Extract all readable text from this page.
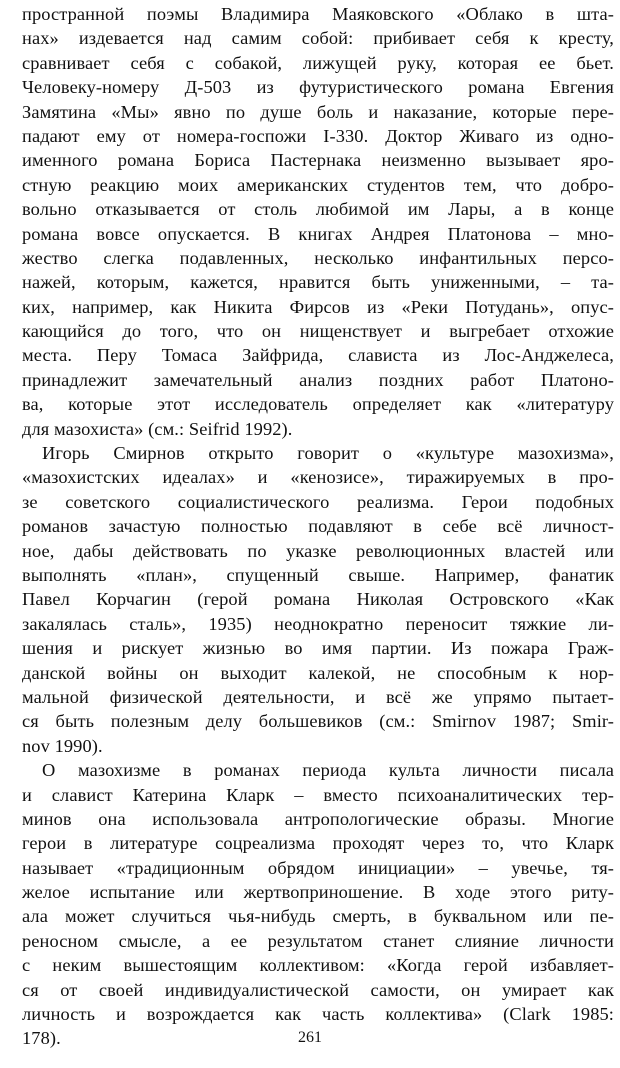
пространной поэмы Владимира Маяковского «Облако в шта-
нах» издевается над самим собой: прибивает себя к кресту,
сравнивает себя с собакой, лижущей руку, которая ее бьет.
Человеку-номеру Д-503 из футуристического романа Евгения
Замятина «Мы» явно по душе боль и наказание, которые пере-
падают ему от номера-госпожи I-330. Доктор Живаго из одно-
именного романа Бориса Пастернака неизменно вызывает яро-
стную реакцию моих американских студентов тем, что добро-
вольно отказывается от столь любимой им Лары, а в конце
романа вовсе опускается. В книгах Андрея Платонова – мно-
жество слегка подавленных, несколько инфантильных персо-
нажей, которым, кажется, нравится быть униженными, – та-
ких, например, как Никита Фирсов из «Реки Потудань», опус-
кающийся до того, что он нищенствует и выгребает отхожие
места. Перу Томаса Зайфрида, слависта из Лос-Анджелеса,
принадлежит замечательный анализ поздних работ Платоно-
ва, которые этот исследователь определяет как «литературу
для мазохиста» (см.: Seifrid 1992).
Игорь Смирнов открыто говорит о «культуре мазохизма»,
«мазохистских идеалах» и «кенозисе», тиражируемых в про-
зе советского социалистического реализма. Герои подобных
романов зачастую полностью подавляют в себе всё личност-
ное, дабы действовать по указке революционных властей или
выполнять «план», спущенный свыше. Например, фанатик
Павел Корчагин (герой романа Николая Островского «Как
закалялась сталь», 1935) неоднократно переносит тяжкие ли-
шения и рискует жизнью во имя партии. Из пожара Граж-
данской войны он выходит калекой, не способным к нор-
мальной физической деятельности, и всё же упрямо пытает-
ся быть полезным делу большевиков (см.: Smirnov 1987; Smir-
nov 1990).
О мазохизме в романах периода культа личности писала
и славист Катерина Кларк – вместо психоаналитических тер-
минов она использовала антропологические образы. Многие
герои в литературе соцреализма проходят через то, что Кларк
называет «традиционным обрядом инициации» – увечье, тя-
желое испытание или жертвоприношение. В ходе этого риту-
ала может случиться чья-нибудь смерть, в буквальном или пе-
реносном смысле, а ее результатом станет слияние личности
с неким вышестоящим коллективом: «Когда герой избавляет-
ся от своей индивидуалистической самости, он умирает как
личность и возрождается как часть коллектива» (Clark 1985:
178).	261
